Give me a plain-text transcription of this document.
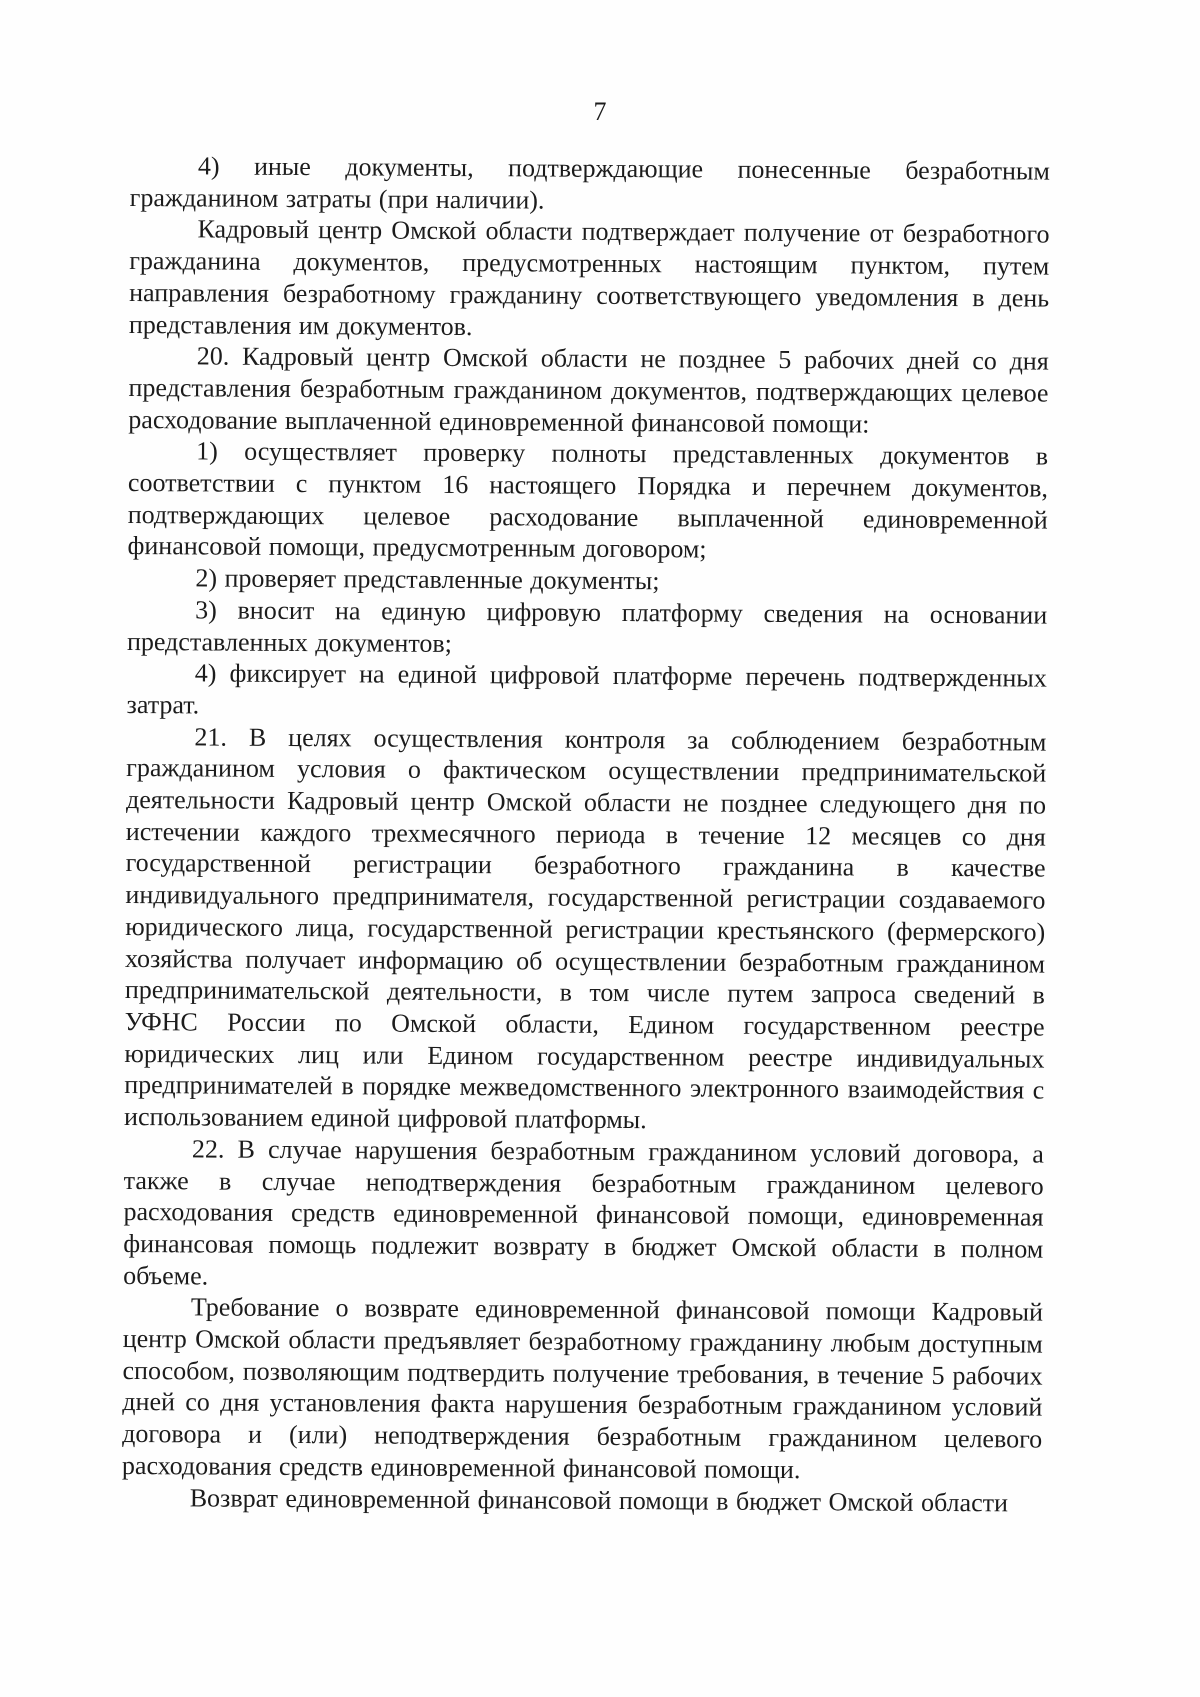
7

4) иные документы, подтверждающие понесенные безработным гражданином затраты (при наличии).

Кадровый центр Омской области подтверждает получение от безработного гражданина документов, предусмотренных настоящим пунктом, путем направления безработному гражданину соответствующего уведомления в день представления им документов.

20. Кадровый центр Омской области не позднее 5 рабочих дней со дня представления безработным гражданином документов, подтверждающих целевое расходование выплаченной единовременной финансовой помощи:

1) осуществляет проверку полноты представленных документов в соответствии с пунктом 16 настоящего Порядка и перечнем документов, подтверждающих целевое расходование выплаченной единовременной финансовой помощи, предусмотренным договором;

2) проверяет представленные документы;

3) вносит на единую цифровую платформу сведения на основании представленных документов;

4) фиксирует на единой цифровой платформе перечень подтвержденных затрат.

21. В целях осуществления контроля за соблюдением безработным гражданином условия о фактическом осуществлении предпринимательской деятельности Кадровый центр Омской области не позднее следующего дня по истечении каждого трехмесячного периода в течение 12 месяцев со дня государственной регистрации безработного гражданина в качестве индивидуального предпринимателя, государственной регистрации создаваемого юридического лица, государственной регистрации крестьянского (фермерского) хозяйства получает информацию об осуществлении безработным гражданином предпринимательской деятельности, в том числе путем запроса сведений в УФНС России по Омской области, Едином государственном реестре юридических лиц или Едином государственном реестре индивидуальных предпринимателей в порядке межведомственного электронного взаимодействия с использованием единой цифровой платформы.

22. В случае нарушения безработным гражданином условий договора, а также в случае неподтверждения безработным гражданином целевого расходования средств единовременной финансовой помощи, единовременная финансовая помощь подлежит возврату в бюджет Омской области в полном объеме.

Требование о возврате единовременной финансовой помощи Кадровый центр Омской области предъявляет безработному гражданину любым доступным способом, позволяющим подтвердить получение требования, в течение 5 рабочих дней со дня установления факта нарушения безработным гражданином условий договора и (или) неподтверждения безработным гражданином целевого расходования средств единовременной финансовой помощи.

Возврат единовременной финансовой помощи в бюджет Омской области
